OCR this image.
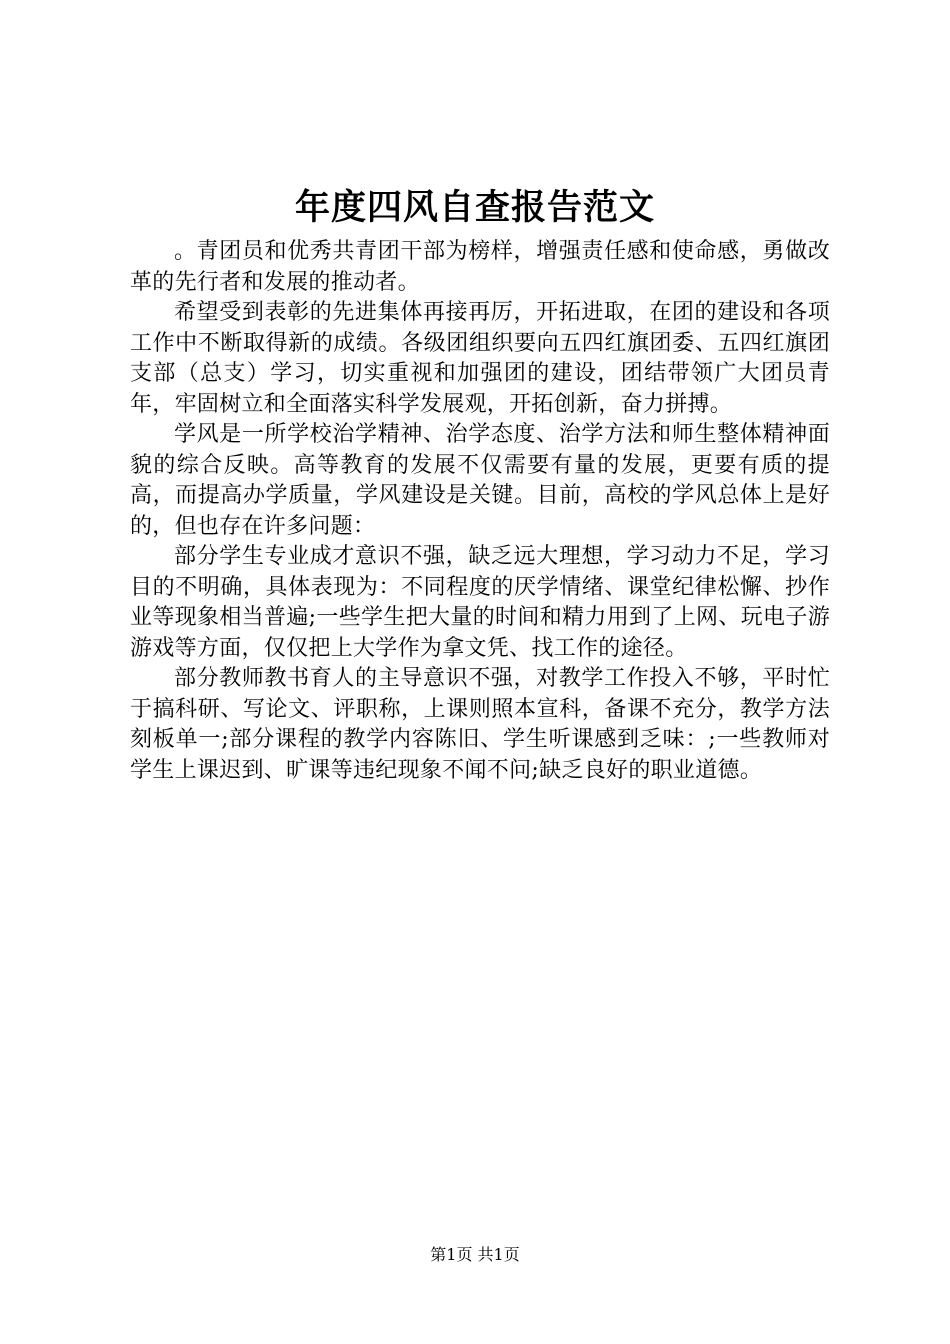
年度四风自查报告范文

。青团员和优秀共青团干部为榜样，增强责任感和使命感，勇做改革的先行者和发展的推动者。

希望受到表彰的先进集体再接再厉，开拓进取，在团的建设和各项工作中不断取得新的成绩。各级团组织要向五四红旗团委、五四红旗团支部（总支）学习，切实重视和加强团的建设，团结带领广大团员青年，牢固树立和全面落实科学发展观，开拓创新，奋力拼搏。

学风是一所学校治学精神、治学态度、治学方法和师生整体精神面貌的综合反映。高等教育的发展不仅需要有量的发展，更要有质的提高，而提高办学质量，学风建设是关键。目前，高校的学风总体上是好的，但也存在许多问题：

部分学生专业成才意识不强，缺乏远大理想，学习动力不足，学习目的不明确，具体表现为：不同程度的厌学情绪、课堂纪律松懈、抄作业等现象相当普遍;一些学生把大量的时间和精力用到了上网、玩电子游游戏等方面，仅仅把上大学作为拿文凭、找工作的途径。

部分教师教书育人的主导意识不强，对教学工作投入不够，平时忙于搞科研、写论文、评职称，上课则照本宣科，备课不充分，教学方法刻板单一;部分课程的教学内容陈旧、学生听课感到乏味：;一些教师对学生上课迟到、旷课等违纪现象不闻不问;缺乏良好的职业道德。

第1页 共1页
